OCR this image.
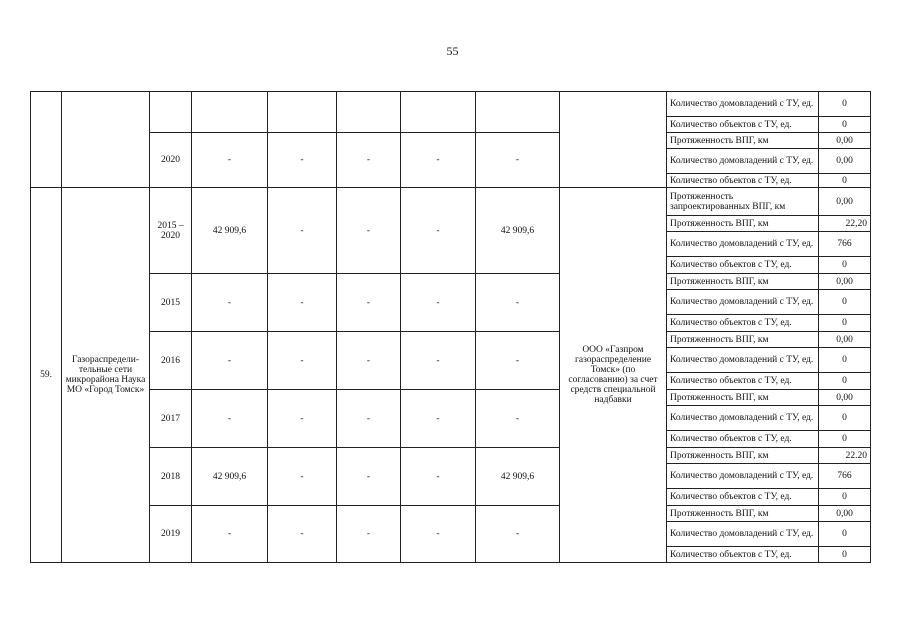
55
									Количество домовладений с ТУ, ед.	0
									Количество объектов с ТУ, ед.	0
		2020	-	-	-	-	-		Протяженность ВПГ, км	0,00
									Количество домовладений с ТУ, ед.	0,00
									Количество объектов с ТУ, ед.	0
59.	Газораспредели-тельные сети микрорайона Наука МО «Город Томск»	2015 – 2020	42 909,6	-	-	-	42 909,6	ООО «Газпром газораспределение Томск» (по согласованию) за счет средств специальной надбавки	Протяженность запроектированных ВПГ, км	0,00
									Протяженность ВПГ, км	22,20
									Количество домовладений с ТУ, ед.	766
									Количество объектов с ТУ, ед.	0
		2015	-	-	-	-	-		Протяженность ВПГ, км	0,00
									Количество домовладений с ТУ, ед.	0
									Количество объектов с ТУ, ед.	0
		2016	-	-	-	-	-		Протяженность ВПГ, км	0,00
									Количество домовладений с ТУ, ед.	0
									Количество объектов с ТУ, ед.	0
		2017	-	-	-	-	-		Протяженность ВПГ, км	0,00
									Количество домовладений с ТУ, ед.	0
									Количество объектов с ТУ, ед.	0
		2018	42 909,6	-	-	-	42 909,6		Протяженность ВПГ, км	22.20
									Количество домовладений с ТУ, ед.	766
									Количество объектов с ТУ, ед.	0
		2019	-	-	-	-	-		Протяженность ВПГ, км	0,00
									Количество домовладений с ТУ, ед.	0
									Количество объектов с ТУ, ед.	0
